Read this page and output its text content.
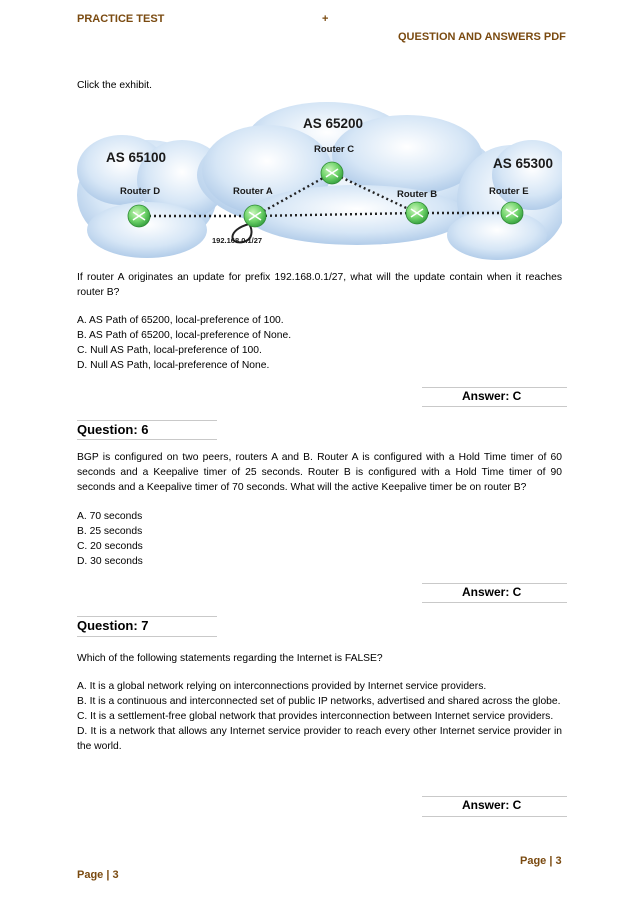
PRACTICE TEST	+
QUESTION AND ANSWERS PDF
Click the exhibit.
AS 65100
AS 65200
AS 65300
Router D	Router A
Router C
Router B	Router E
192.168.0.1/27
If router A originates an update for prefix 192.168.0.1/27, what will the update contain when it reaches router B?
A. AS Path of 65200, local-preference of 100.
B. AS Path of 65200, local-preference of None.
C. Null AS Path, local-preference of 100.
D. Null AS Path, local-preference of None.
Answer: C
Question: 6
BGP is configured on two peers, routers A and B. Router A is configured with a Hold Time timer of 60 seconds and a Keepalive timer of 25 seconds. Router B is configured with a Hold Time timer of 90 seconds and a Keepalive timer of 70 seconds. What will the active Keepalive timer be on router B?
A. 70 seconds
B. 25 seconds
C. 20 seconds
D. 30 seconds
Answer: C
Question: 7
Which of the following statements regarding the Internet is FALSE?
A. It is a global network relying on interconnections provided by Internet service providers.
B. It is a continuous and interconnected set of public IP networks, advertised and shared across the globe.
C. It is a settlement-free global network that provides interconnection between Internet service providers.
D. It is a network that allows any Internet service provider to reach every other Internet service provider in the world.
Answer: C
Page | 3
Page | 3
